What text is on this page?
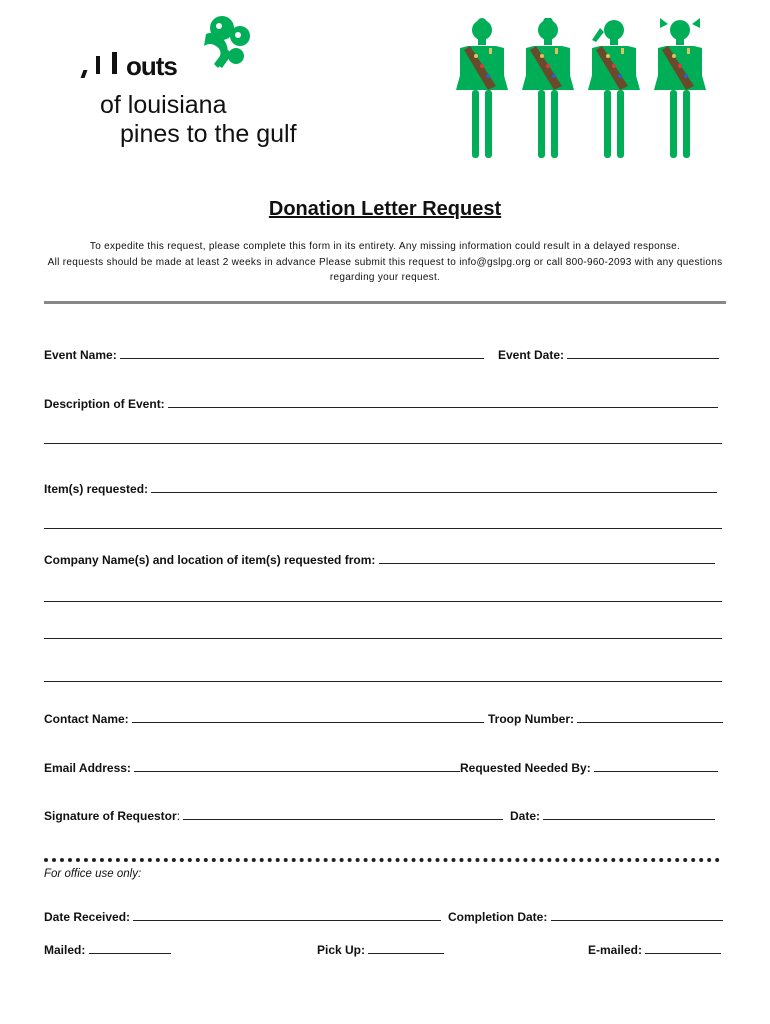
outs
of louisiana
pines to the gulf
Donation Letter Request
To expedite this request, please complete this form in its entirety. Any missing information could result in a delayed response.
All requests should be made at least 2 weeks in advance Please submit this request to info@gslpg.org or call 800-960-2093 with any questions
regarding your request.
Event Name:	Event Date:
Description of Event:
Item(s) requested:
Company Name(s) and location of item(s) requested from:
Contact Name:	Troop Number:
Email Address:	Requested Needed By:
Signature of Requestor:	Date:
For office use only:
Date Received:	Completion Date:
Mailed:	Pick Up:	E-mailed:
